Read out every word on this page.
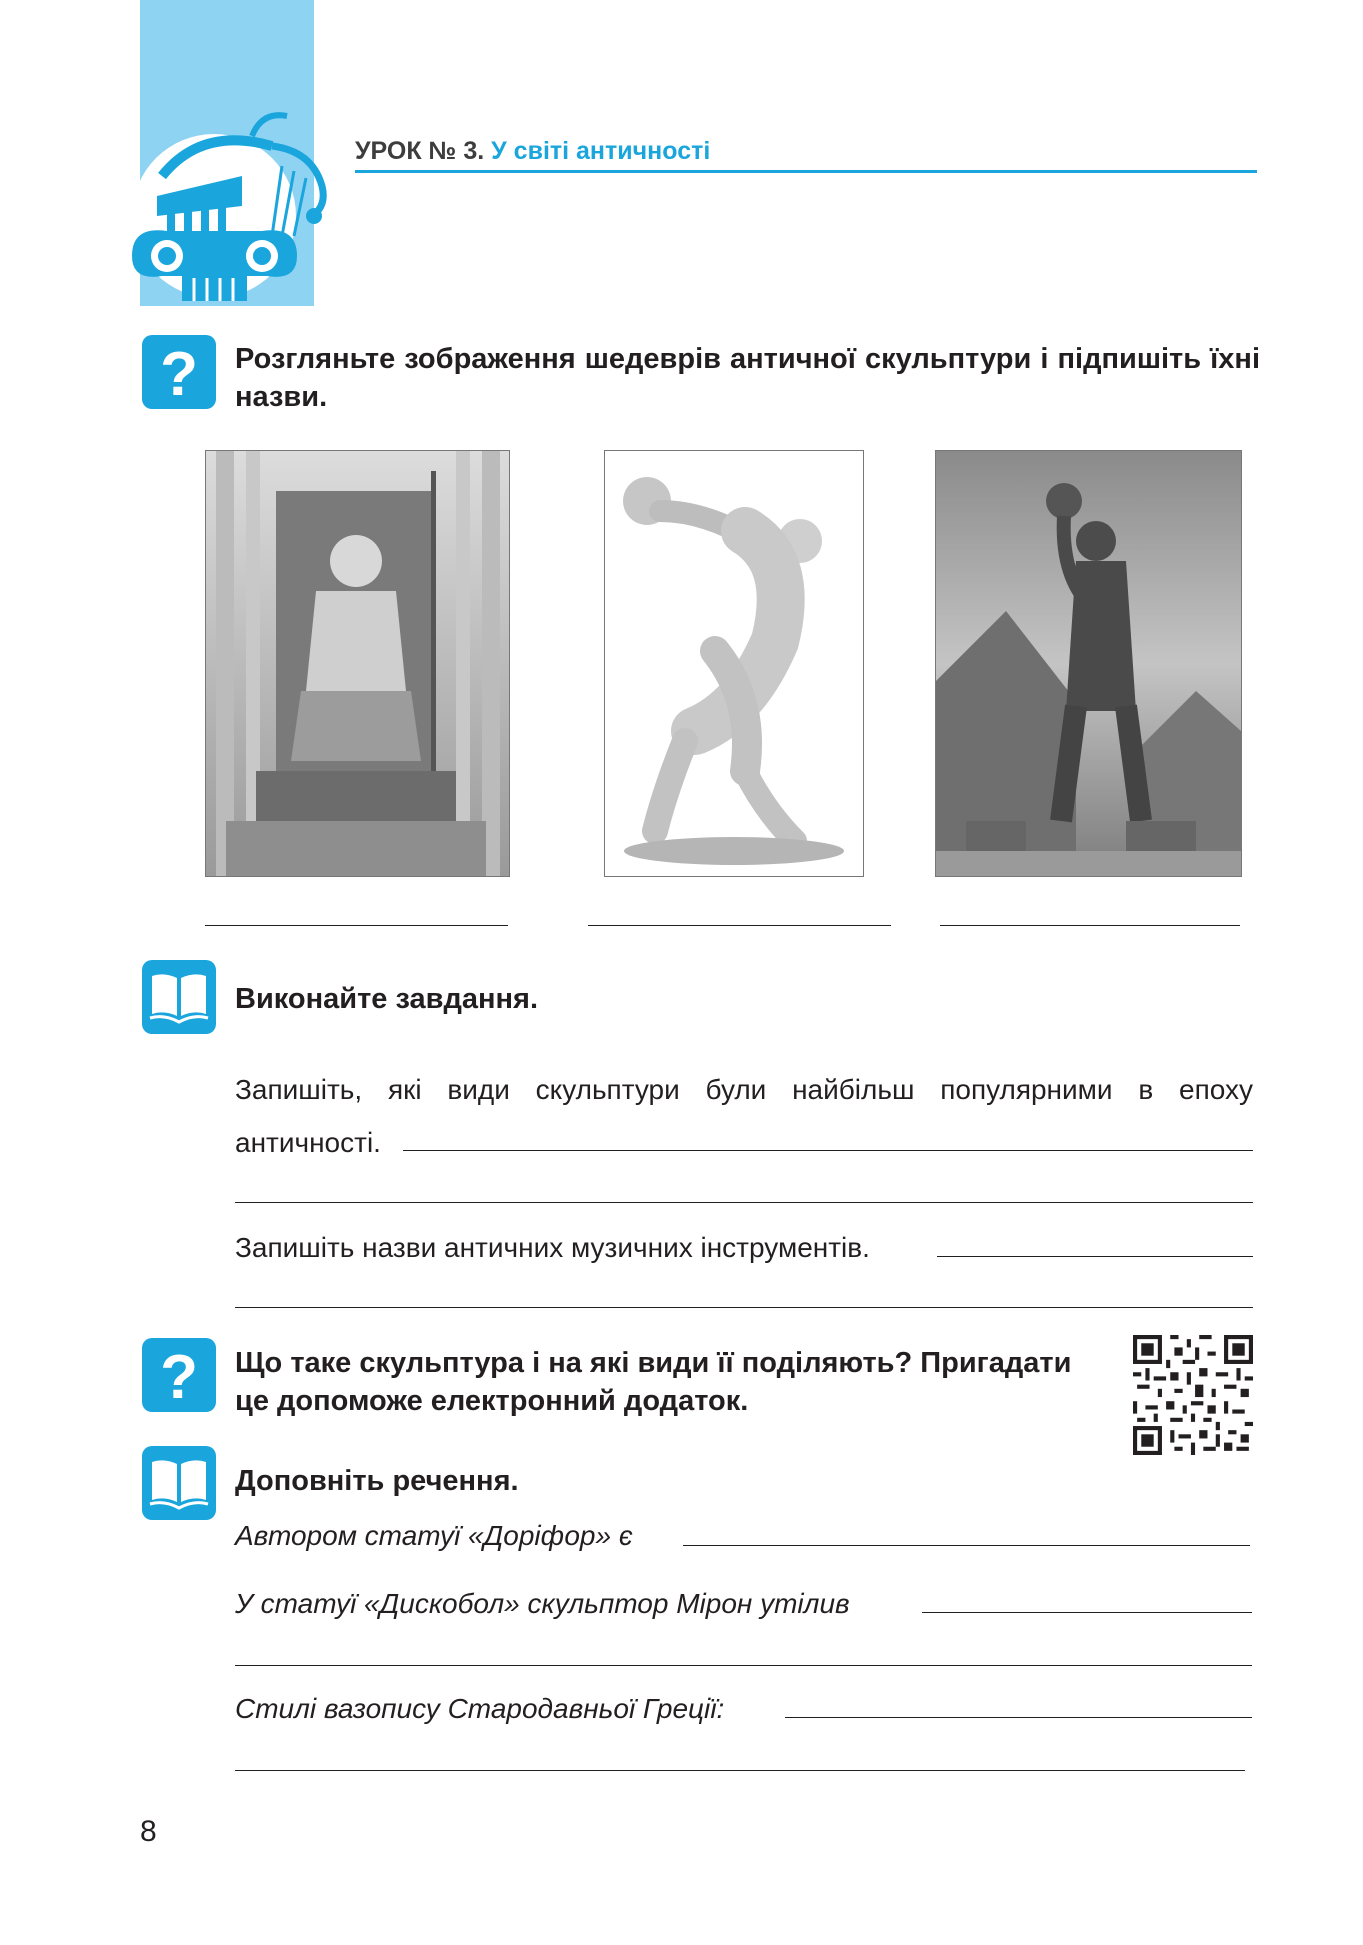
УРОК № 3. У світі античності
? Розгляньте зображення шедеврів античної скульптури і підпишіть їхні назви.
Виконайте завдання.
Запишіть, які види скульптури були найбільш популярними в епоху
античності.
Запишіть назви античних музичних інструментів.
? Що таке скульптура і на які види її поділяють? Пригадати
це допоможе електронний додаток.
Доповніть речення.
Автором статуї «Доріфор» є
У статуї «Дискобол» скульптор Мірон утілив
Стилі вазопису Стародавньої Греції:
8
